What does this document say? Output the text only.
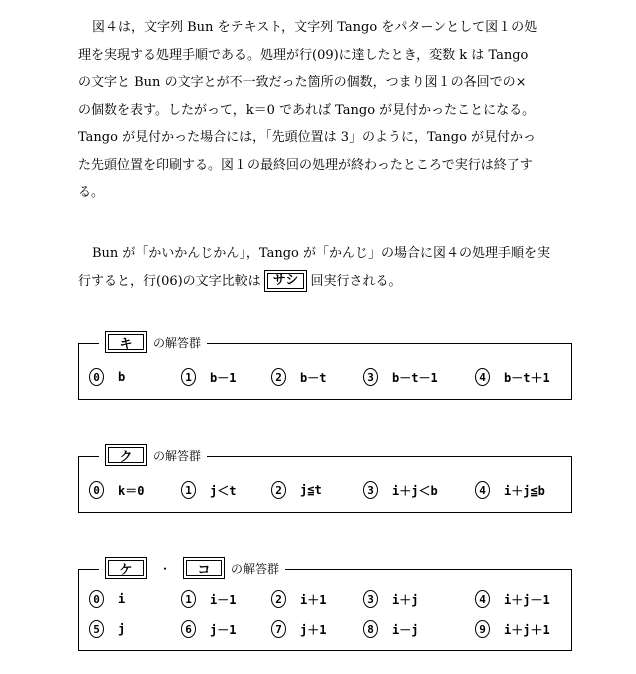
図４は，文字列 Bun をテキスト，文字列 Tango をパターンとして図１の処
理を実現する処理手順である。処理が行(09)に達したとき，変数 k は Tango
の文字と Bun の文字とが不一致だった箇所の個数，つまり図１の各回での×
の個数を表す。したがって，k＝0 であれば Tango が見付かったことになる。
Tango が見付かった場合には，「先頭位置は 3」のように，Tango が見付かっ
た先頭位置を印刷する。図１の最終回の処理が終わったところで実行は終了す
る。
Bun が「かいかんじかん」，Tango が「かんじ」の場合に図４の処理手順を実
行すると，行(06)の文字比較は サシ 回実行される。
キ	の解答群
0	b	1	b－1	2	b－t	3	b－t－1	4	b－t＋1
ク	の解答群
0	k＝0	1	j＜t	2	j≦t	3	i＋j＜b	4	i＋j≦b
ケ	・	コ	の解答群
0	i	1	i－1	2	i＋1	3	i＋j	4	i＋j－1
5	j	6	j－1	7	j＋1	8	i－j	9	i＋j＋1
